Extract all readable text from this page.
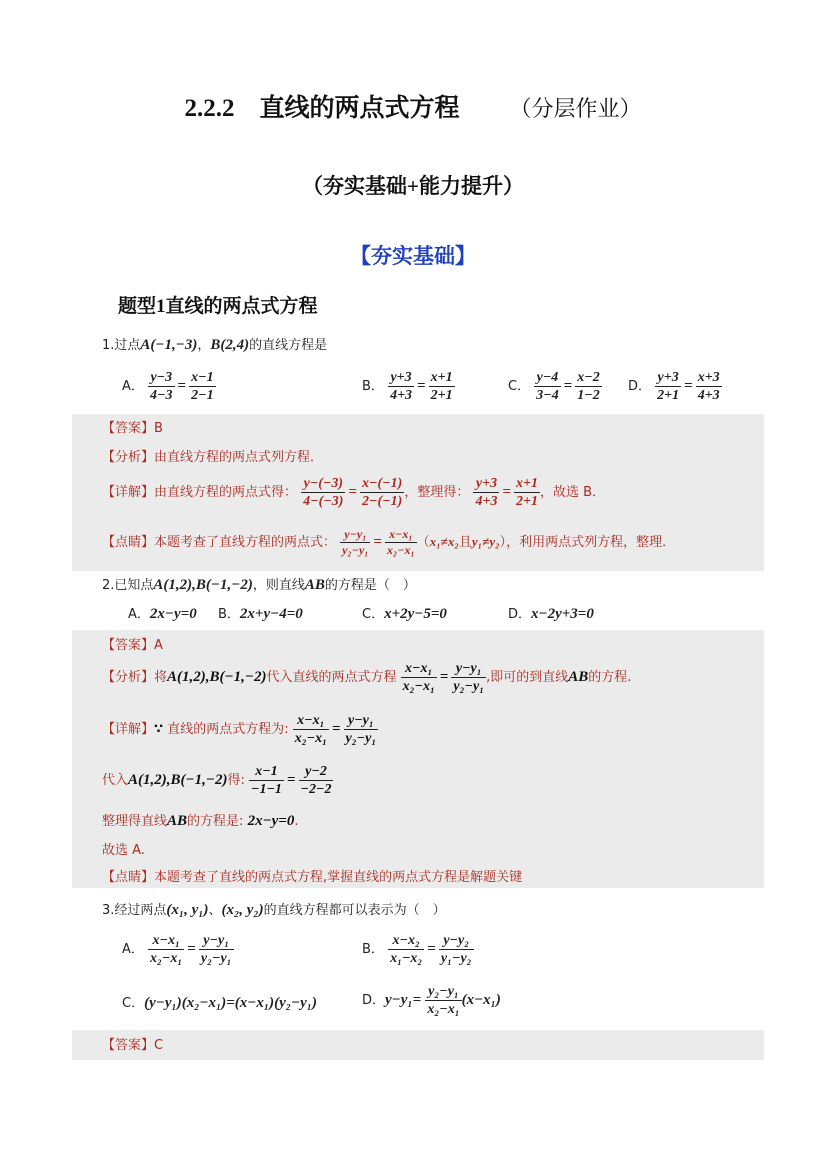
2.2.2　直线的两点式方程 （分层作业）
（夯实基础+能力提升）
【夯实基础】
题型1直线的两点式方程
1.过点A(−1,−3)，B(2,4)的直线方程是
A． $\frac{y-3}{4-3} = \frac{x-1}{2-1}$	B． $\frac{y+3}{4+3} = \frac{x+1}{2+1}$	C． $\frac{y-4}{3-4} = \frac{x-2}{1-2}$ D． $\frac{y+3}{2+1} = \frac{x+3}{4+3}$
【答案】B
【分析】由直线方程的两点式列方程．
【详解】由直线方程的两点式得： $\frac{y-(-3)}{4-(-3)} = \frac{x-(-1)}{2-(-1)}$ ，整理得： $\frac{y+3}{4+3} = \frac{x+1}{2+1}$ ，故选 B．
【点睛】本题考查了直线方程的两点式： $\frac{\text{y−y₁}}{\text{y₂−y₁}} = \frac{\text{x−x₁}}{\text{x₂−x₁}} (x_1\ne x_2$且y₁≠y₂），利用两点式列方程，整理．
2.已知点A(1,2),B(−1,−2)，则直线AB的方程是（　）
A．2x−y=0 B．2x+y−4=0	C．x+2y−5=0	D．x−2y+3=0
【答案】A
【分析】将A(1,2),B(−1,−2)代入直线的两点式方程 $\frac{\text{x−x₁}}{\text{x₂−x₁}} = \frac{\text{y−y₁}}{\text{y₂−y₁}}$ ,即可的到直线AB的方程.
【详解】∵ 直线的两点式方程为: $\frac{\text{x−x₁}}{\text{x₂−x₁}} = \frac{\text{y−y₁}}{\text{y₂−y₁}}$
代入A(1,2),B(−1,−2)得: $\frac{x-1}{-1-1} = \frac{y-2}{-2-2}$
整理得直线AB的方程是: 2x−y=0.
故选 A.
【点睛】本题考查了直线的两点式方程,掌握直线的两点式方程是解题关键
3.经过两点(x₁, y₁)、(x₂, y₂)的直线方程都可以表示为（　）
A． $\frac{\text{x−x₁}}{\text{x₂−x₁}} = \frac{\text{y−y₁}}{\text{y₂−y₁}}$	B． $\frac{\text{x−x₂}}{\text{x₁−x₂}} = \frac{\text{y−y₂}}{\text{y₁−y₂}}$
C．(y−y₁)(x₂−x₁)=(x−x₁)(y₂−y₁)	D．$y-y_1= \frac{\text{y₂−y₁}}{\text{x₂−x₁}} (x-x_1)$
【答案】C
